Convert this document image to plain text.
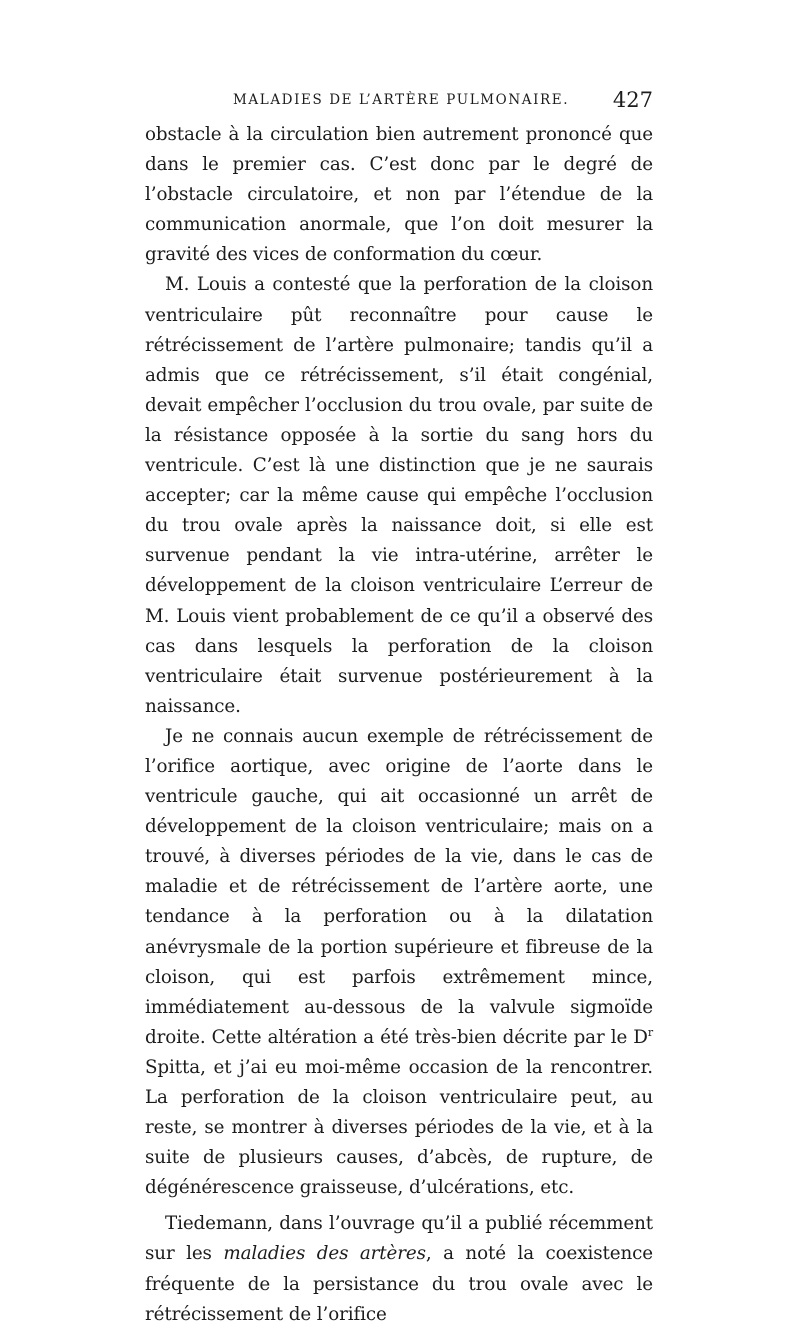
MALADIES DE L’ARTÈRE PULMONAIRE. 427

obstacle à la circulation bien autrement prononcé que dans le premier cas. C’est donc par le degré de l’obstacle circulatoire, et non par l’étendue de la communication anormale, que l’on doit mesurer la gravité des vices de conformation du cœur.

M. Louis a contesté que la perforation de la cloison ventriculaire pût reconnaître pour cause le rétrécissement de l’artère pulmonaire; tandis qu’il a admis que ce rétrécissement, s’il était congénial, devait empêcher l’occlusion du trou ovale, par suite de la résistance opposée à la sortie du sang hors du ventricule. C’est là une distinction que je ne saurais accepter; car la même cause qui empêche l’occlusion du trou ovale après la naissance doit, si elle est survenue pendant la vie intra-utérine, arrêter le développement de la cloison ventriculaire L’erreur de M. Louis vient probablement de ce qu’il a observé des cas dans lesquels la perforation de la cloison ventriculaire était survenue postérieurement à la naissance.

Je ne connais aucun exemple de rétrécissement de l’orifice aortique, avec origine de l’aorte dans le ventricule gauche, qui ait occasionné un arrêt de développement de la cloison ventriculaire; mais on a trouvé, à diverses périodes de la vie, dans le cas de maladie et de rétrécissement de l’artère aorte, une tendance à la perforation ou à la dilatation anévrysmale de la portion supérieure et fibreuse de la cloison, qui est parfois extrêmement mince, immédiatement au-dessous de la valvule sigmoïde droite. Cette altération a été très-bien décrite par le $D^r$ Spitta, et j’ai eu moi-même occasion de la rencontrer. La perforation de la cloison ventriculaire peut, au reste, se montrer à diverses périodes de la vie, et à la suite de plusieurs causes, d’abcès, de rupture, de dégénérescence graisseuse, d’ulcérations, etc.

Tiedemann, dans l’ouvrage qu’il a publié récemment sur les maladies des artères, a noté la coexistence fréquente de la persistance du trou ovale avec le rétrécissement de l’orifice
